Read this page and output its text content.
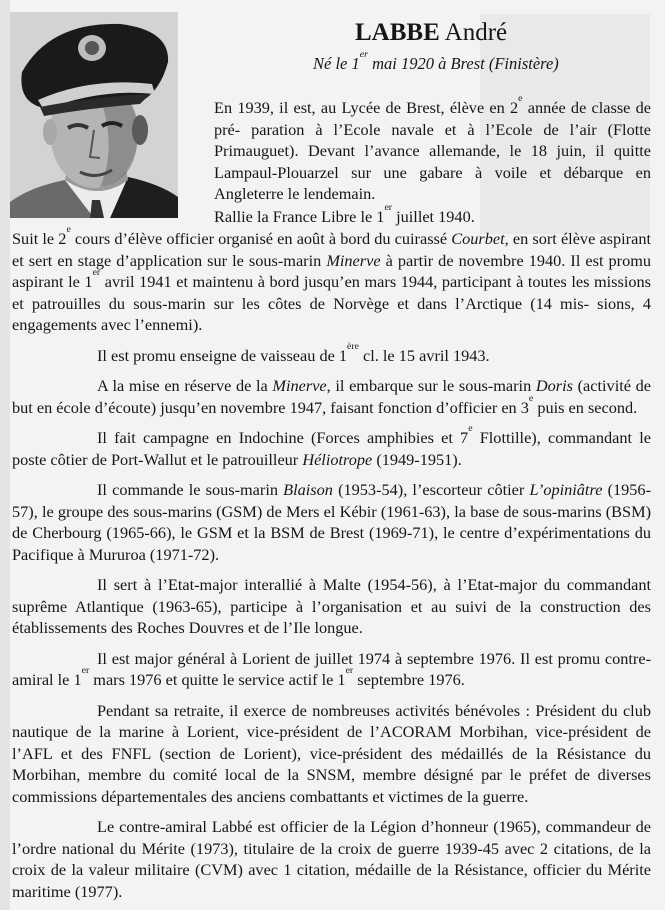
LABBE André
Né le 1er mai 1920 à Brest (Finistère)

En 1939, il est, au Lycée de Brest, élève en 2e année de classe de pré- paration à l’Ecole navale et à l’Ecole de l’air (Flotte Primauguet). Devant l’avance allemande, le 18 juin, il quitte Lampaul-Plouarzel sur une gabare à voile et débarque en Angleterre le lendemain.

Rallie la France Libre le 1er juillet 1940.

Suit le 2e cours d’élève officier organisé en août à bord du cuirassé Courbet, en sort élève aspirant et sert en stage d’application sur le sous-marin Minerve à partir de novembre 1940. Il est promu aspirant le 1er avril 1941 et maintenu à bord jusqu’en mars 1944, participant à toutes les missions et patrouilles du sous-marin sur les côtes de Norvège et dans l’Arctique (14 mis- sions, 4 engagements avec l’ennemi).

Il est promu enseigne de vaisseau de 1ère cl. le 15 avril 1943.

A la mise en réserve de la Minerve, il embarque sur le sous-marin Doris (activité de but en école d’écoute) jusqu’en novembre 1947, faisant fonction d’officier en 3e puis en second.

Il fait campagne en Indochine (Forces amphibies et 7e Flottille), commandant le poste côtier de Port-Wallut et le patrouilleur Héliotrope (1949-1951).

Il commande le sous-marin Blaison (1953-54), l’escorteur côtier L’opiniâtre (1956-57), le groupe des sous-marins (GSM) de Mers el Kébir (1961-63), la base de sous-marins (BSM) de Cherbourg (1965-66), le GSM et la BSM de Brest (1969-71), le centre d’expérimentations du Pacifique à Mururoa (1971-72).

Il sert à l’Etat-major interallié à Malte (1954-56), à l’Etat-major du commandant suprême Atlantique (1963-65), participe à l’organisation et au suivi de la construction des établissements des Roches Douvres et de l’Ile longue.

Il est major général à Lorient de juillet 1974 à septembre 1976. Il est promu contre-amiral le 1er mars 1976 et quitte le service actif le 1er septembre 1976.

Pendant sa retraite, il exerce de nombreuses activités bénévoles : Président du club nautique de la marine à Lorient, vice-président de l’ACORAM Morbihan, vice-président de l’AFL et des FNFL (section de Lorient), vice-président des médaillés de la Résistance du Morbihan, membre du comité local de la SNSM, membre désigné par le préfet de diverses commissions départementales des anciens combattants et victimes de la guerre.

Le contre-amiral Labbé est officier de la Légion d’honneur (1965), commandeur de l’ordre national du Mérite (1973), titulaire de la croix de guerre 1939-45 avec 2 citations, de la croix de la valeur militaire (CVM) avec 1 citation, médaille de la Résistance, officier du Mérite maritime (1977).
